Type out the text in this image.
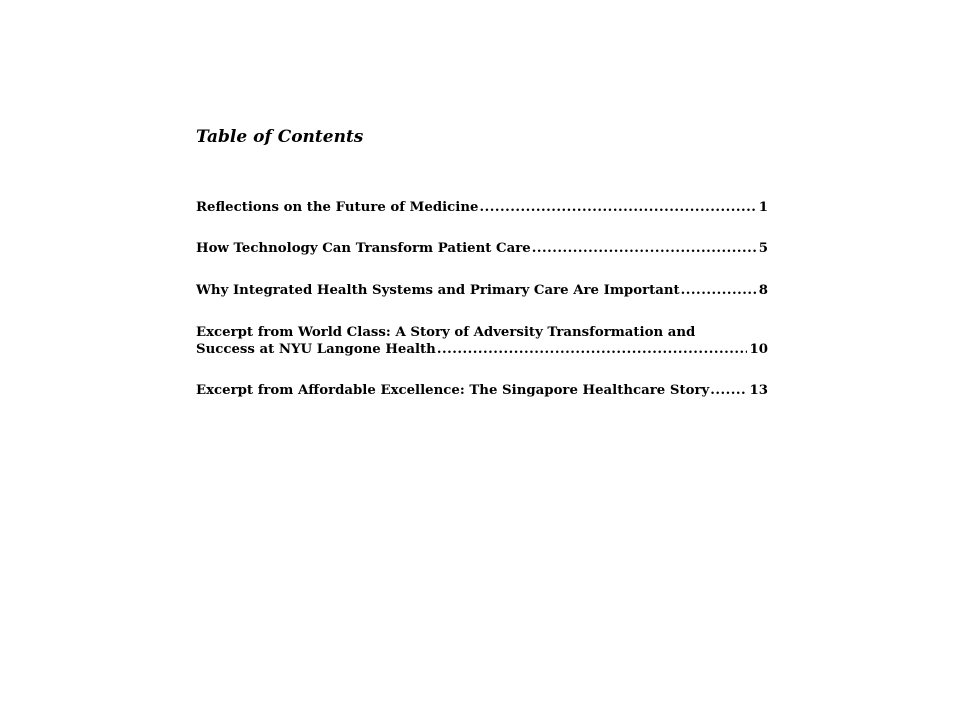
Table of Contents
Reflections on the Future of Medicine .....	1
How Technology Can Transform Patient Care .....	5
Why Integrated Health Systems and Primary Care Are Important .....	8
Excerpt from World Class: A Story of Adversity Transformation and
Success at NYU Langone Health .....	10
Excerpt from Affordable Excellence: The Singapore Healthcare Story .....	13
